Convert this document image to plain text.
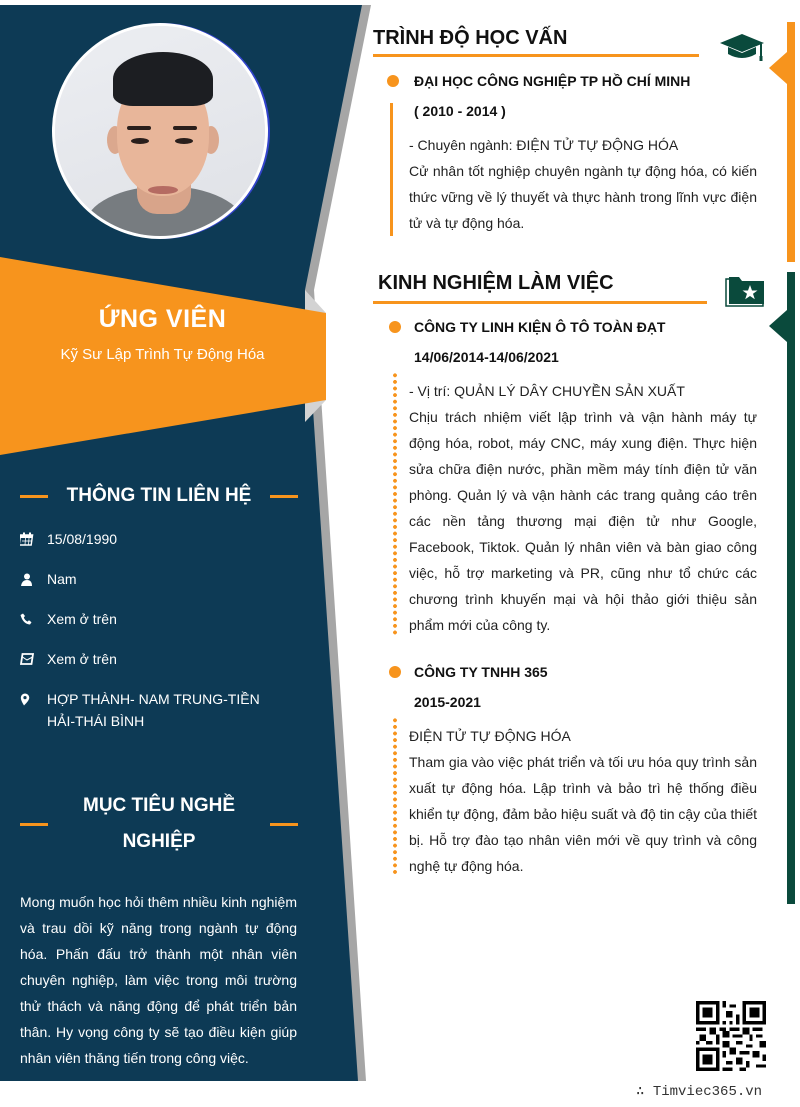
ỨNG VIÊN
Kỹ Sư Lập Trình Tự Động Hóa
THÔNG TIN LIÊN HỆ
15/08/1990
Nam
Xem ở trên
Xem ở trên
HỢP THÀNH- NAM TRUNG-TIỀN HẢI-THÁI BÌNH
MỤC TIÊU NGHỀ
NGHIỆP
Mong muốn học hỏi thêm nhiều kinh nghiệm và trau dồi kỹ năng trong ngành tự động hóa. Phấn đấu trở thành một nhân viên chuyên nghiệp, làm việc trong môi trường thử thách và năng động để phát triển bản thân. Hy vọng công ty sẽ tạo điều kiện giúp nhân viên thăng tiến trong công việc.
TRÌNH ĐỘ HỌC VẤN
ĐẠI HỌC CÔNG NGHIỆP TP HỒ CHÍ MINH
( 2010 - 2014 )
- Chuyên ngành: ĐIỆN TỬ TỰ ĐỘNG HÓA
Cử nhân tốt nghiệp chuyên ngành tự động hóa, có kiến thức vững về lý thuyết và thực hành trong lĩnh vực điện tử và tự động hóa.
KINH NGHIỆM LÀM VIỆC
CÔNG TY LINH KIỆN Ô TÔ TOÀN ĐẠT
14/06/2014-14/06/2021
- Vị trí: QUẢN LÝ DÂY CHUYỀN SẢN XUẤT
Chịu trách nhiệm viết lập trình và vận hành máy tự động hóa, robot, máy CNC, máy xung điện. Thực hiện sửa chữa điện nước, phần mềm máy tính điện tử văn phòng. Quản lý và vận hành các trang quảng cáo trên các nền tảng thương mại điện tử như Google, Facebook, Tiktok. Quản lý nhân viên và bàn giao công việc, hỗ trợ marketing và PR, cũng như tổ chức các chương trình khuyến mại và hội thảo giới thiệu sản phẩm mới của công ty.
CÔNG TY TNHH 365
2015-2021
ĐIỆN TỬ TỰ ĐỘNG HÓA
Tham gia vào việc phát triển và tối ưu hóa quy trình sản xuất tự động hóa. Lập trình và bảo trì hệ thống điều khiển tự động, đảm bảo hiệu suất và độ tin cậy của thiết bị. Hỗ trợ đào tạo nhân viên mới về quy trình và công nghệ tự động hóa.
∴ Timviec365.vn
